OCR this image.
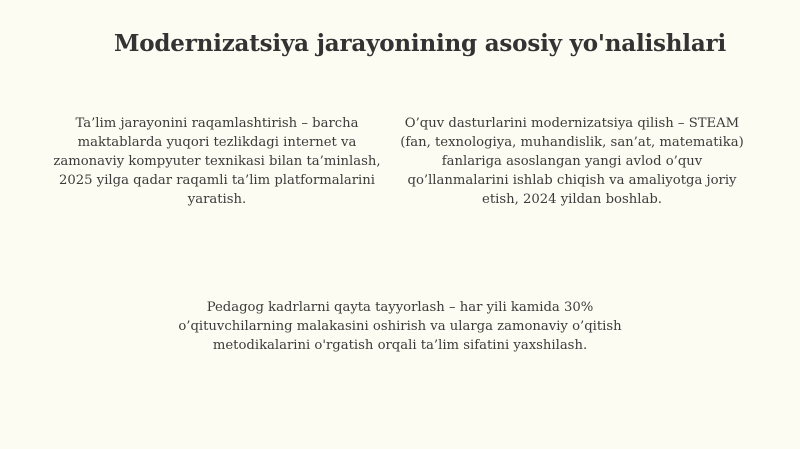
Modernizatsiya jarayonining asosiy yo'nalishlari

Ta’lim jarayonini raqamlashtirish – barcha maktablarda yuqori tezlikdagi internet va zamonaviy kompyuter texnikasi bilan ta’minlash, 2025 yilga qadar raqamli ta’lim platformalarini yaratish.

O’quv dasturlarini modernizatsiya qilish – STEAM (fan, texnologiya, muhandislik, san’at, matematika) fanlariga asoslangan yangi avlod o’quv qo’llanmalarini ishlab chiqish va amaliyotga joriy etish, 2024 yildan boshlab.

Pedagog kadrlarni qayta tayyorlash – har yili kamida 30% o’qituvchilarning malakasini oshirish va ularga zamonaviy o’qitish metodikalarini o'rgatish orqali ta’lim sifatini yaxshilash.
